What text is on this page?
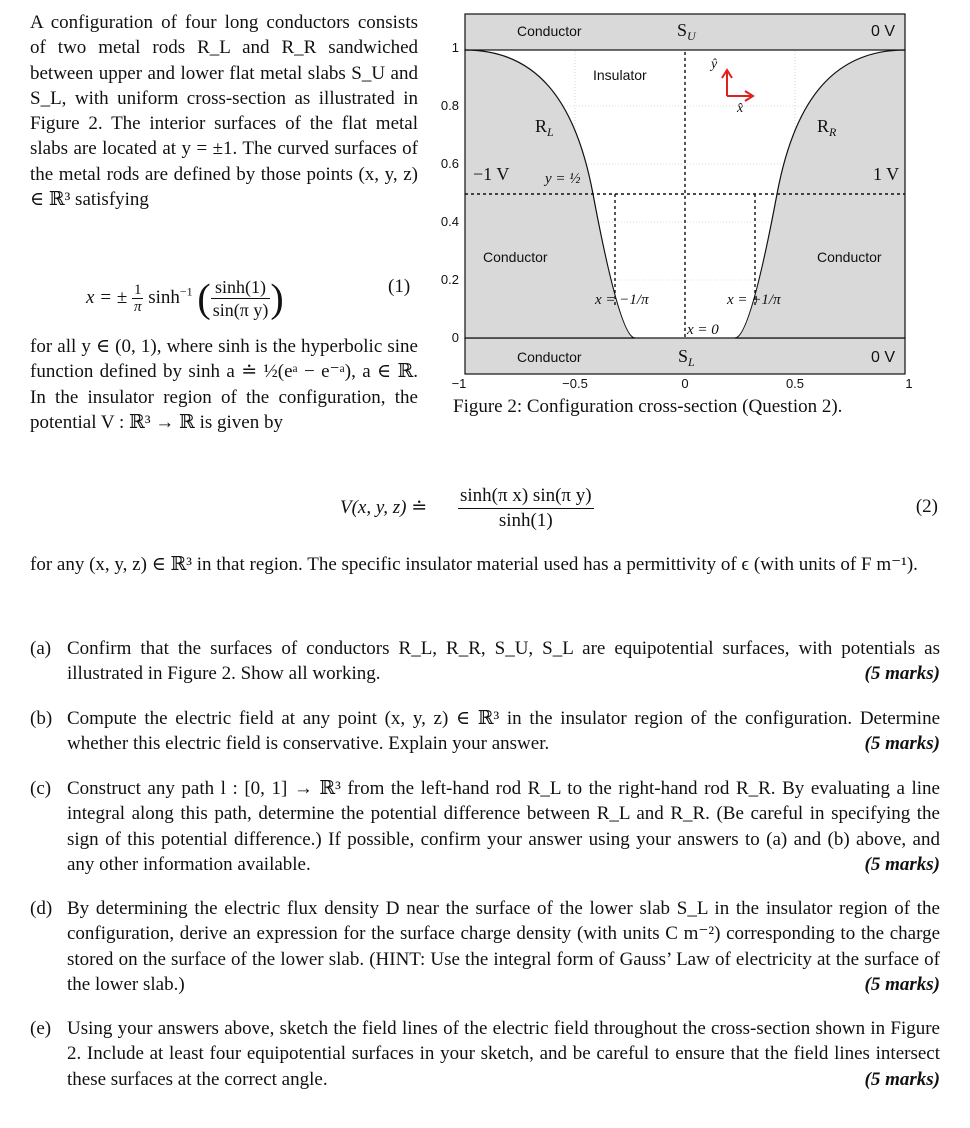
A configuration of four long conductors consists of two metal rods R_L and R_R sandwiched between upper and lower flat metal slabs S_U and S_L, with uniform cross-section as illustrated in Figure 2. The interior surfaces of the flat metal slabs are located at y = ±1. The curved surfaces of the metal rods are defined by those points (x, y, z) ∈ ℝ³ satisfying

x = ± $\frac{1}{\pi} \sinh^{-1}$ ( $\frac{\sinh(1)}{\text{sin(π y)}}$ )	(1)

for all y ∈ (0, 1), where sinh is the hyperbolic sine function defined by sinh a ≐ ½(eᵃ − e⁻ᵃ), a ∈ ℝ. In the insulator region of the configuration, the potential V : ℝ³ → ℝ is given by

1
0.8
0.6
0.4
0.2
0
−1	−0.5	0	0.5	1
Conductor	0 V
Insulator
Conductor	Conductor
Conductor	0 V
$S_U$
$S_L$
$R_L$	$R_R$
−1 V	1 V
y = ½
x = −1/π	x = +1/π
x = 0
ŷ
x̂
Figure 2: Configuration cross-section (Question 2).
V(x, y, z) ≐ $\frac{\text{sinh(π x) sin(π y)}}{\sinh(1)}$	(2)

for any (x, y, z) ∈ ℝ³ in that region. The specific insulator material used has a permittivity of ϵ (with units of F m⁻¹).

(a) Confirm that the surfaces of conductors R_L, R_R, S_U, S_L are equipotential surfaces, with potentials as illustrated in Figure 2. Show all working.	(5 marks)
(b) Compute the electric field at any point (x, y, z) ∈ ℝ³ in the insulator region of the configuration. Determine whether this electric field is conservative. Explain your answer.	(5 marks)
(c) Construct any path l : [0, 1] → ℝ³ from the left-hand rod R_L to the right-hand rod R_R. By evaluating a line integral along this path, determine the potential difference between R_L and R_R. (Be careful in specifying the sign of this potential difference.) If possible, confirm your answer using your answers to (a) and (b) above, and any other information available.	(5 marks)
(d) By determining the electric flux density D near the surface of the lower slab S_L in the insulator region of the configuration, derive an expression for the surface charge density (with units C m⁻²) corresponding to the charge stored on the surface of the lower slab. (HINT: Use the integral form of Gauss’ Law of electricity at the surface of the lower slab.)	(5 marks)
(e) Using your answers above, sketch the field lines of the electric field throughout the cross-section shown in Figure 2. Include at least four equipotential surfaces in your sketch, and be careful to ensure that the field lines intersect these surfaces at the correct angle.	(5 marks)
